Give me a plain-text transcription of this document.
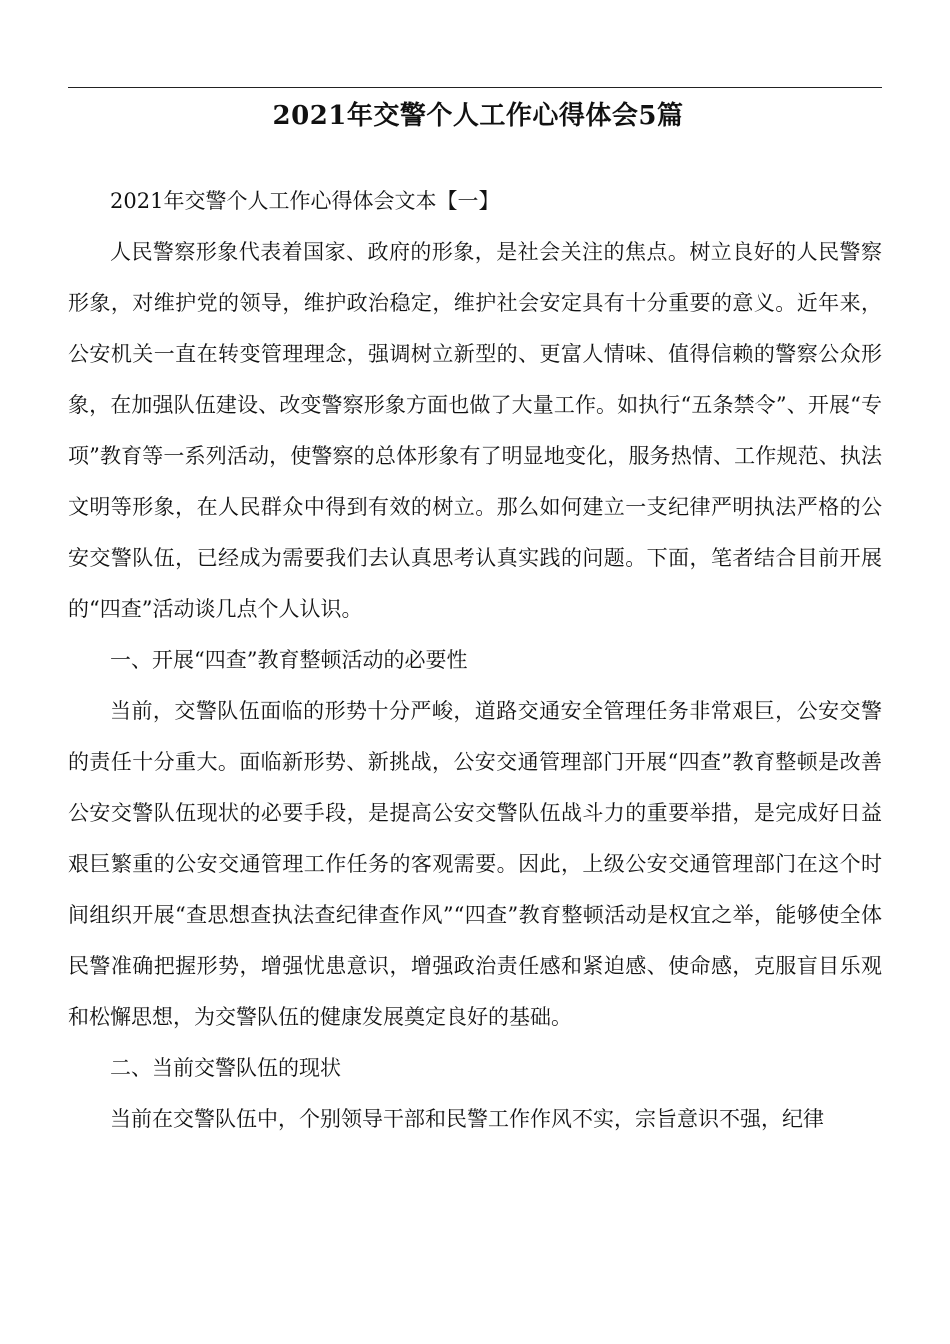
2021年交警个人工作心得体会5篇

2021年交警个人工作心得体会文本【一】

人民警察形象代表着国家、政府的形象，是社会关注的焦点。树立良好的人民警察形象，对维护党的领导，维护政治稳定，维护社会安定具有十分重要的意义。近年来，公安机关一直在转变管理理念，强调树立新型的、更富人情味、值得信赖的警察公众形象，在加强队伍建设、改变警察形象方面也做了大量工作。如执行“五条禁令”、开展“专项”教育等一系列活动，使警察的总体形象有了明显地变化，服务热情、工作规范、执法文明等形象，在人民群众中得到有效的树立。那么如何建立一支纪律严明执法严格的公安交警队伍，已经成为需要我们去认真思考认真实践的问题。下面，笔者结合目前开展的“四查”活动谈几点个人认识。

一、开展“四查”教育整顿活动的必要性

当前，交警队伍面临的形势十分严峻，道路交通安全管理任务非常艰巨，公安交警的责任十分重大。面临新形势、新挑战，公安交通管理部门开展“四查”教育整顿是改善公安交警队伍现状的必要手段，是提高公安交警队伍战斗力的重要举措，是完成好日益艰巨繁重的公安交通管理工作任务的客观需要。因此，上级公安交通管理部门在这个时间组织开展“查思想查执法查纪律查作风”“四查”教育整顿活动是权宜之举，能够使全体民警准确把握形势，增强忧患意识，增强政治责任感和紧迫感、使命感，克服盲目乐观和松懈思想，为交警队伍的健康发展奠定良好的基础。

二、当前交警队伍的现状

当前在交警队伍中，个别领导干部和民警工作作风不实，宗旨意识不强，纪律
